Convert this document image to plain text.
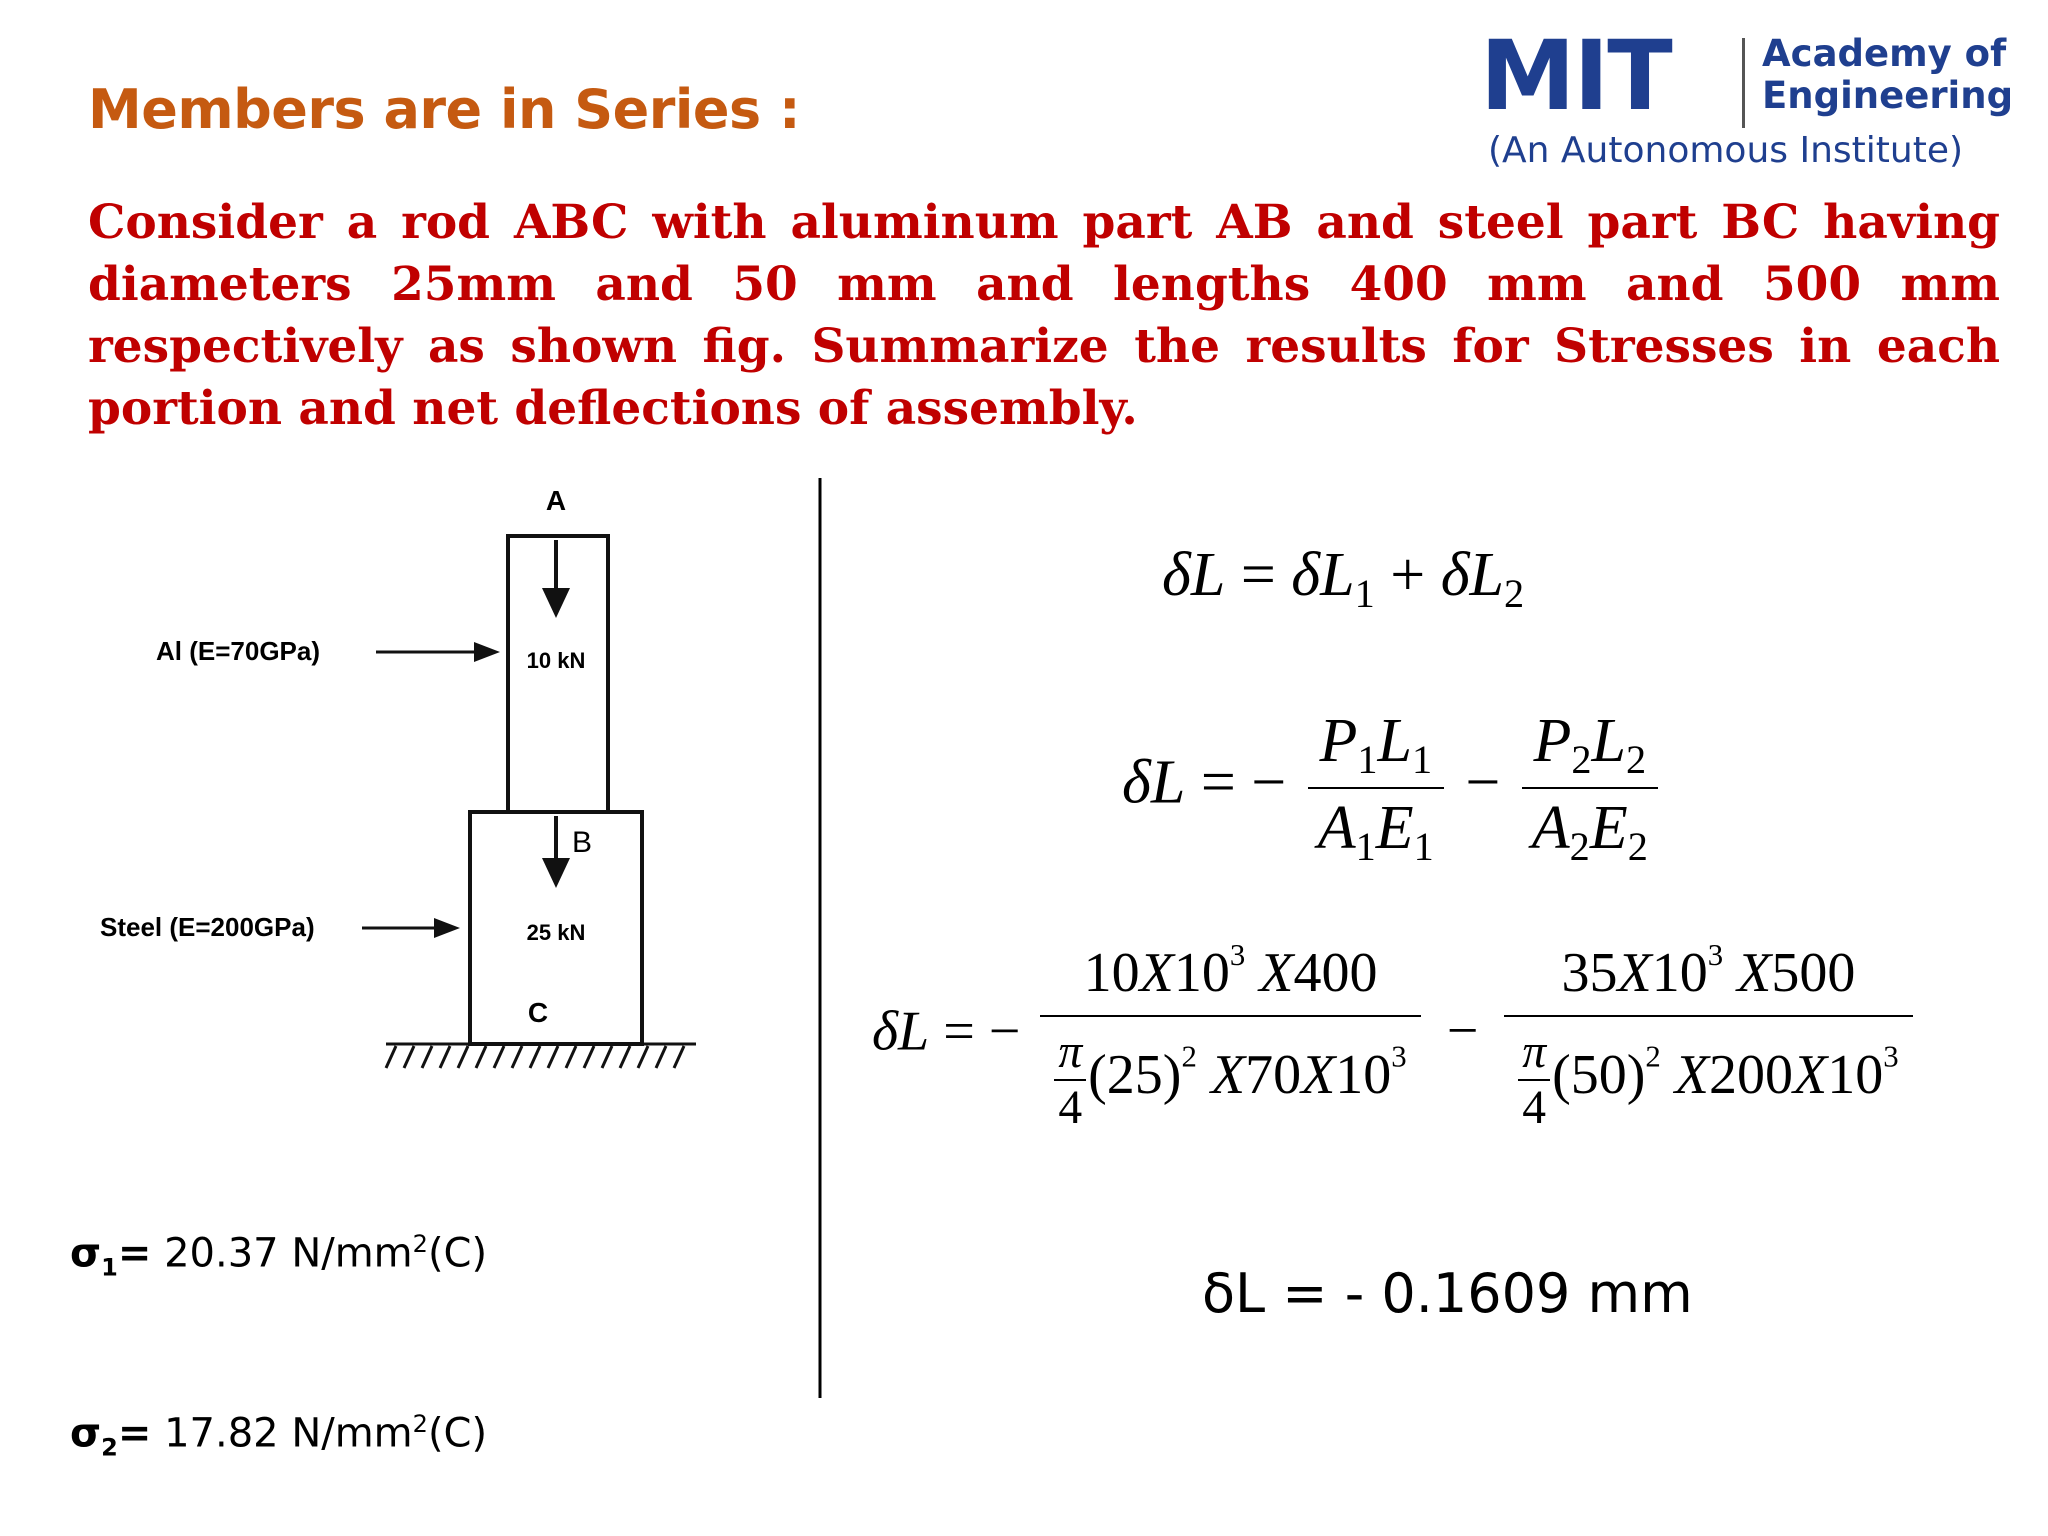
Members are in Series :	MIT Academy of
Engineering
(An Autonomous Institute)
Consider a rod ABC with aluminum part AB and steel part BC having diameters 25mm and 50 mm and lengths 400 mm and 500 mm respectively as shown fig. Summarize the results for Stresses in each portion and net deflections of assembly.
A
10 kN
B
25 kN
C
Al (E=70GPa)
Steel (E=200GPa)
$\delta L = \delta L_1 + \delta L_2$
δL = − $\frac{P_1L_1}{A_1E_1} - \frac{P_2L_2}{A_2E_2}$
δL = − $\frac{10X10^3 X400}{\frac{\pi}{4} (25)^2 X70X10^3} - \frac{35X10^3 X500}{\frac{\pi}{4} (50)^2 X200X10^3}$
δL = - 0.1609 mm
$\sigma_1= 20.37$ $N/mm^2(C)$
$\sigma_2= 17.82$ $N/mm^2(C)$
